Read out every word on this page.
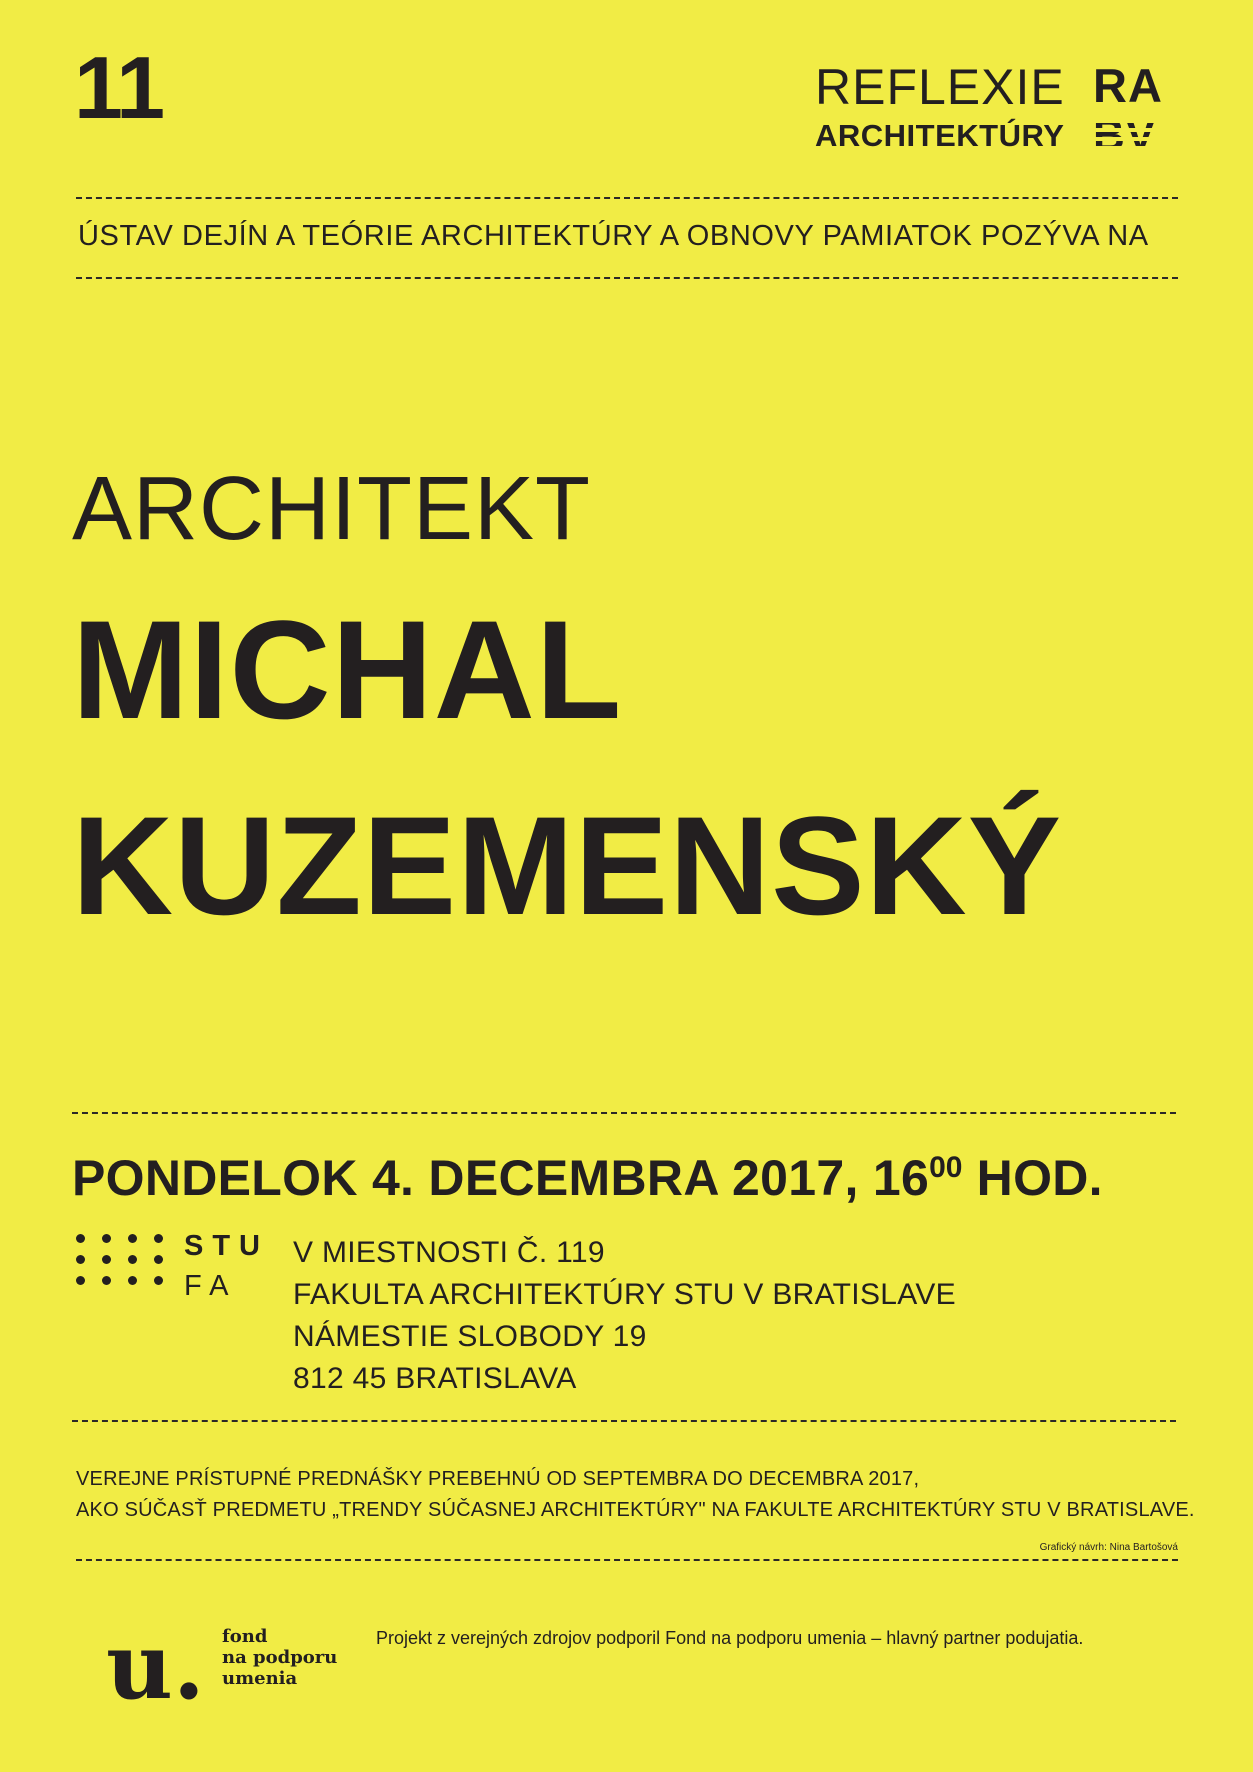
11	REFLEXIE
ARCHITEKTÚRY
RA
BV
ÚSTAV DEJÍN A TEÓRIE ARCHITEKTÚRY A OBNOVY PAMIATOK POZÝVA NA
ARCHITEKT
MICHAL
KUZEMENSKÝ
PONDELOK 4. DECEMBRA 2017, $16^{00}$ HOD.
STU
FA
V MIESTNOSTI Č. 119
FAKULTA ARCHITEKTÚRY STU V BRATISLAVE
NÁMESTIE SLOBODY 19
812 45 BRATISLAVA
VEREJNE PRÍSTUPNÉ PREDNÁŠKY PREBEHNÚ OD SEPTEMBRA DO DECEMBRA 2017,
AKO SÚČASŤ PREDMETU „TRENDY SÚČASNEJ ARCHITEKTÚRY" NA FAKULTE ARCHITEKTÚRY STU V BRATISLAVE.
Grafický návrh: Nina Bartošová
u. fond
na podporu
umenia
Projekt z verejných zdrojov podporil Fond na podporu umenia – hlavný partner podujatia.
